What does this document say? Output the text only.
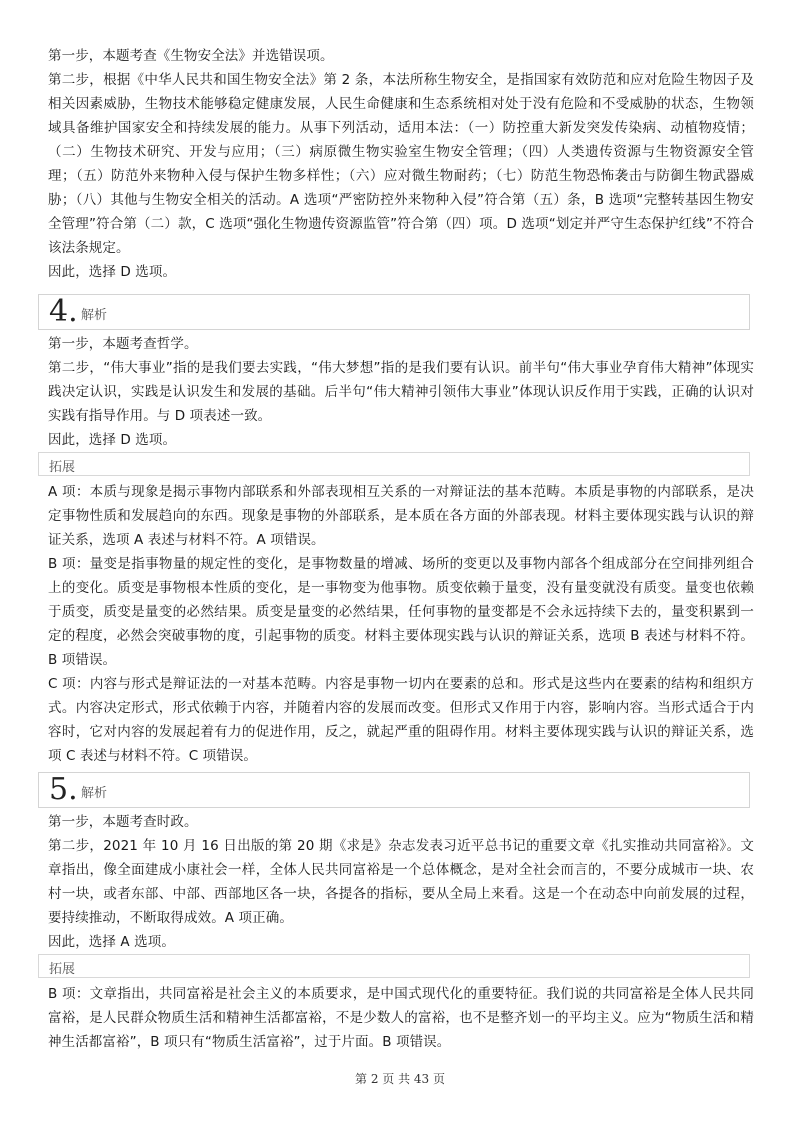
第一步，本题考查《生物安全法》并选错误项。

第二步，根据《中华人民共和国生物安全法》第 2 条，本法所称生物安全，是指国家有效防范和应对危险生物因子及相关因素威胁，生物技术能够稳定健康发展，人民生命健康和生态系统相对处于没有危险和不受威胁的状态，生物领域具备维护国家安全和持续发展的能力。从事下列活动，适用本法：（一）防控重大新发突发传染病、动植物疫情；（二）生物技术研究、开发与应用；（三）病原微生物实验室生物安全管理；（四）人类遗传资源与生物资源安全管理；（五）防范外来物种入侵与保护生物多样性；（六）应对微生物耐药；（七）防范生物恐怖袭击与防御生物武器威胁；（八）其他与生物安全相关的活动。A 选项“严密防控外来物种入侵”符合第（五）条，B 选项“完整转基因生物安全管理”符合第（二）款，C 选项“强化生物遗传资源监管”符合第（四）项。D 选项“划定并严守生态保护红线”不符合该法条规定。

因此，选择 D 选项。

4. 解析

第一步，本题考查哲学。

第二步，“伟大事业”指的是我们要去实践，“伟大梦想”指的是我们要有认识。前半句“伟大事业孕育伟大精神”体现实践决定认识，实践是认识发生和发展的基础。后半句“伟大精神引领伟大事业”体现认识反作用于实践，正确的认识对实践有指导作用。与 D 项表述一致。

因此，选择 D 选项。

拓展

A 项：本质与现象是揭示事物内部联系和外部表现相互关系的一对辩证法的基本范畴。本质是事物的内部联系，是决定事物性质和发展趋向的东西。现象是事物的外部联系，是本质在各方面的外部表现。材料主要体现实践与认识的辩证关系，选项 A 表述与材料不符。A 项错误。

B 项：量变是指事物量的规定性的变化，是事物数量的增减、场所的变更以及事物内部各个组成部分在空间排列组合上的变化。质变是事物根本性质的变化，是一事物变为他事物。质变依赖于量变，没有量变就没有质变。量变也依赖于质变，质变是量变的必然结果。质变是量变的必然结果，任何事物的量变都是不会永远持续下去的，量变积累到一定的程度，必然会突破事物的度，引起事物的质变。材料主要体现实践与认识的辩证关系，选项 B 表述与材料不符。B 项错误。

C 项：内容与形式是辩证法的一对基本范畴。内容是事物一切内在要素的总和。形式是这些内在要素的结构和组织方式。内容决定形式，形式依赖于内容，并随着内容的发展而改变。但形式又作用于内容，影响内容。当形式适合于内容时，它对内容的发展起着有力的促进作用，反之，就起严重的阻碍作用。材料主要体现实践与认识的辩证关系，选项 C 表述与材料不符。C 项错误。

5. 解析

第一步，本题考查时政。

第二步，2021 年 10 月 16 日出版的第 20 期《求是》杂志发表习近平总书记的重要文章《扎实推动共同富裕》。文章指出，像全面建成小康社会一样，全体人民共同富裕是一个总体概念，是对全社会而言的，不要分成城市一块、农村一块，或者东部、中部、西部地区各一块，各提各的指标，要从全局上来看。这是一个在动态中向前发展的过程，要持续推动，不断取得成效。A 项正确。

因此，选择 A 选项。

拓展

B 项：文章指出，共同富裕是社会主义的本质要求，是中国式现代化的重要特征。我们说的共同富裕是全体人民共同富裕，是人民群众物质生活和精神生活都富裕，不是少数人的富裕，也不是整齐划一的平均主义。应为“物质生活和精神生活都富裕”，B 项只有“物质生活富裕”，过于片面。B 项错误。

第 2 页 共 43 页
